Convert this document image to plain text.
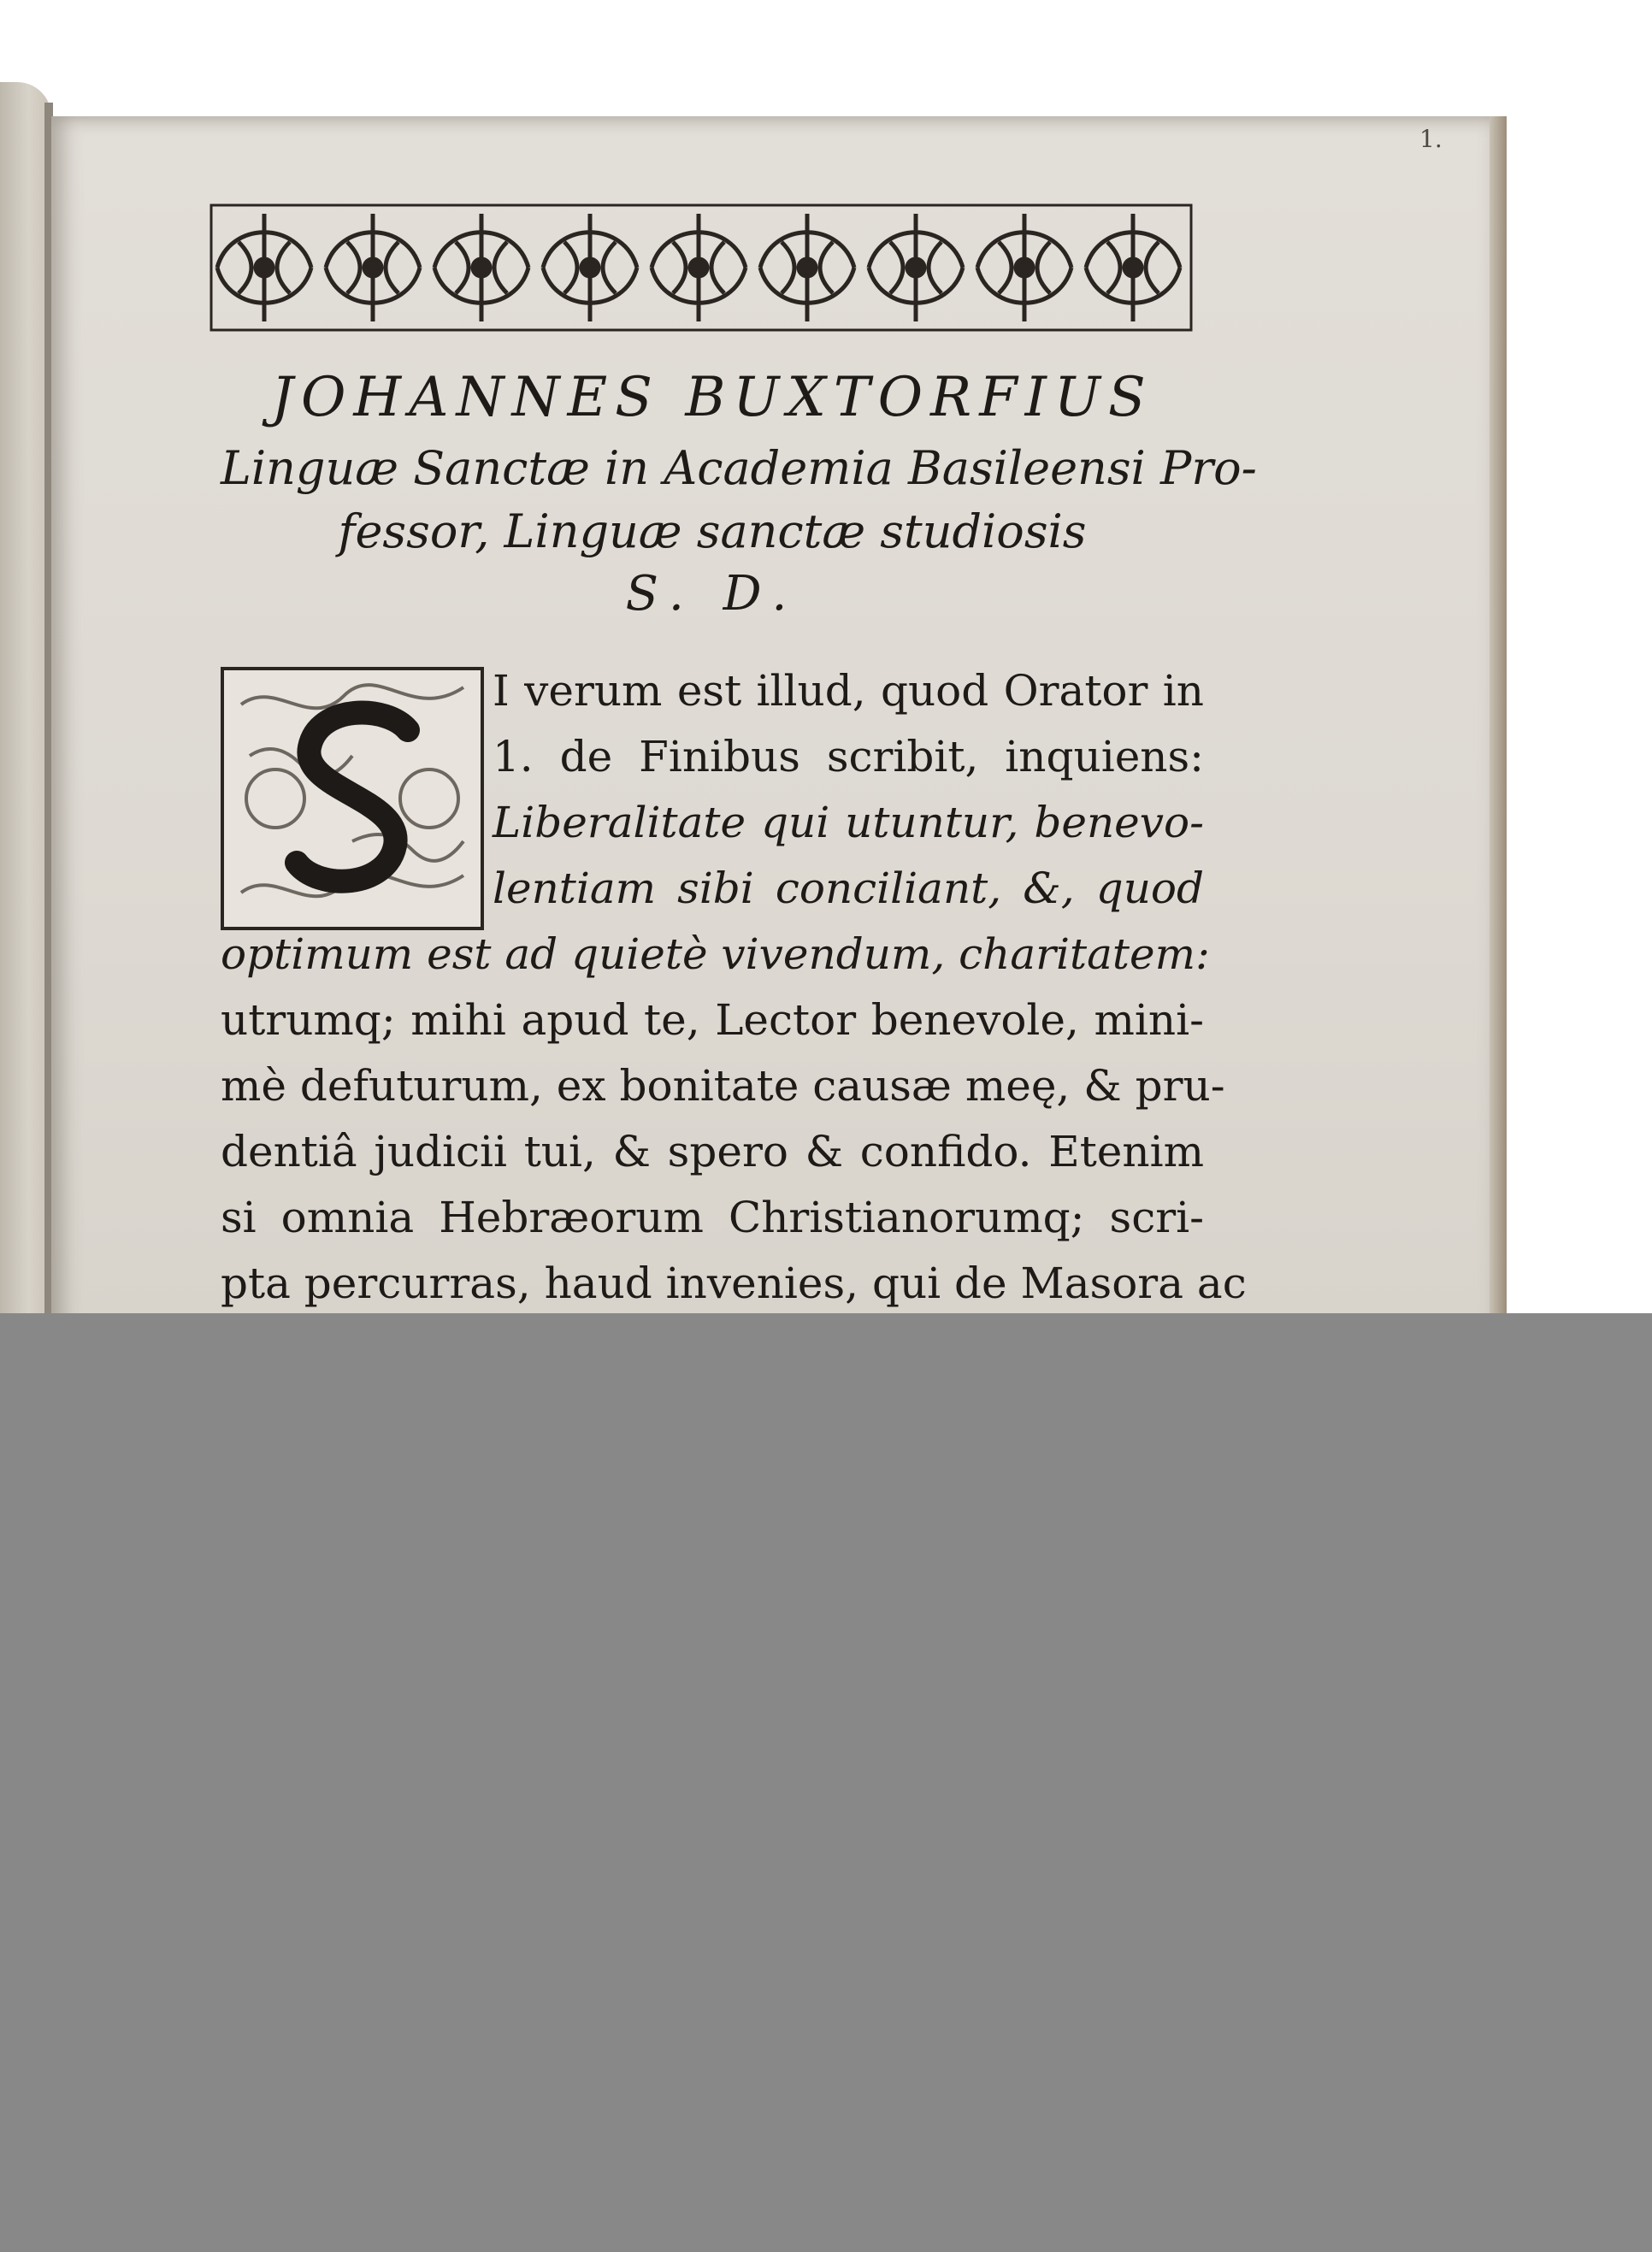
1.
JOHANNES BUXTORFIUS
Linguæ Sanctæ in Academia Basileensi Pro-
fessor, Linguæ sanctæ studiosis
S. D.
I verum est illud, quod Orator in
1. de Finibus scribit, inquiens:
Liberalitate qui utuntur, benevo-
lentiam sibi conciliant, &, quod
optimum est ad quietè vivendum, charitatem:
utrumq; mihi apud te, Lector benevole, mini-
mè defuturum, ex bonitate causæ meę, & pru-
dentiâ judicii tui, & spero & confido. Etenim
si omnia Hebræorum Christianorumq; scri-
pta percurras, haud invenies, qui de Masora ac
